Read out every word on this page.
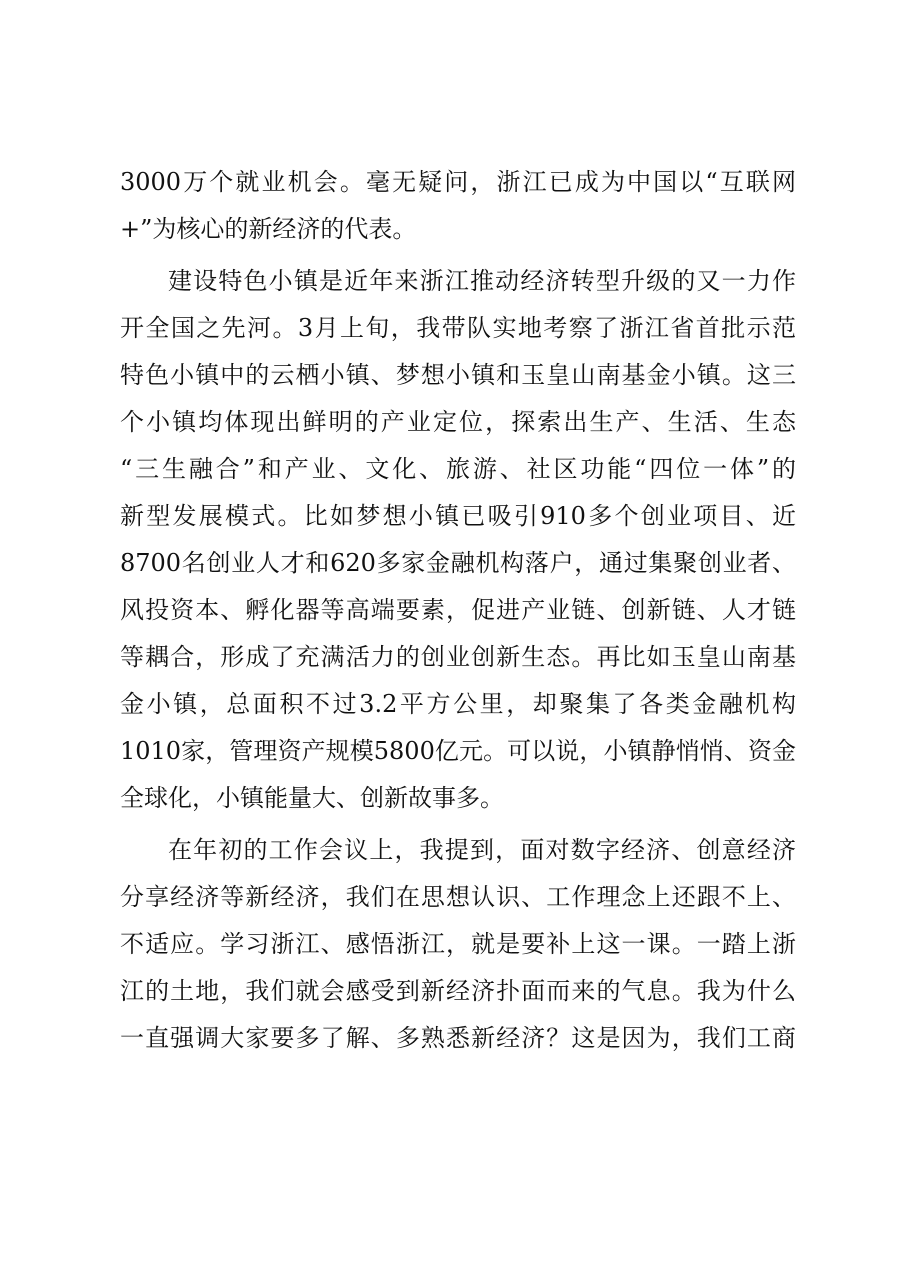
3000万个就业机会。毫无疑问，浙江已成为中国以“互联网
+”为核心的新经济的代表。
建设特色小镇是近年来浙江推动经济转型升级的又一力作
开全国之先河。3月上旬，我带队实地考察了浙江省首批示范
特色小镇中的云栖小镇、梦想小镇和玉皇山南基金小镇。这三
个小镇均体现出鲜明的产业定位，探索出生产、生活、生态
“三生融合”和产业、文化、旅游、社区功能“四位一体”的
新型发展模式。比如梦想小镇已吸引910多个创业项目、近
8700名创业人才和620多家金融机构落户，通过集聚创业者、
风投资本、孵化器等高端要素，促进产业链、创新链、人才链
等耦合，形成了充满活力的创业创新生态。再比如玉皇山南基
金小镇，总面积不过3.2平方公里，却聚集了各类金融机构
1010家，管理资产规模5800亿元。可以说，小镇静悄悄、资金
全球化，小镇能量大、创新故事多。
在年初的工作会议上，我提到，面对数字经济、创意经济
分享经济等新经济，我们在思想认识、工作理念上还跟不上、
不适应。学习浙江、感悟浙江，就是要补上这一课。一踏上浙
江的土地，我们就会感受到新经济扑面而来的气息。我为什么
一直强调大家要多了解、多熟悉新经济？这是因为，我们工商
